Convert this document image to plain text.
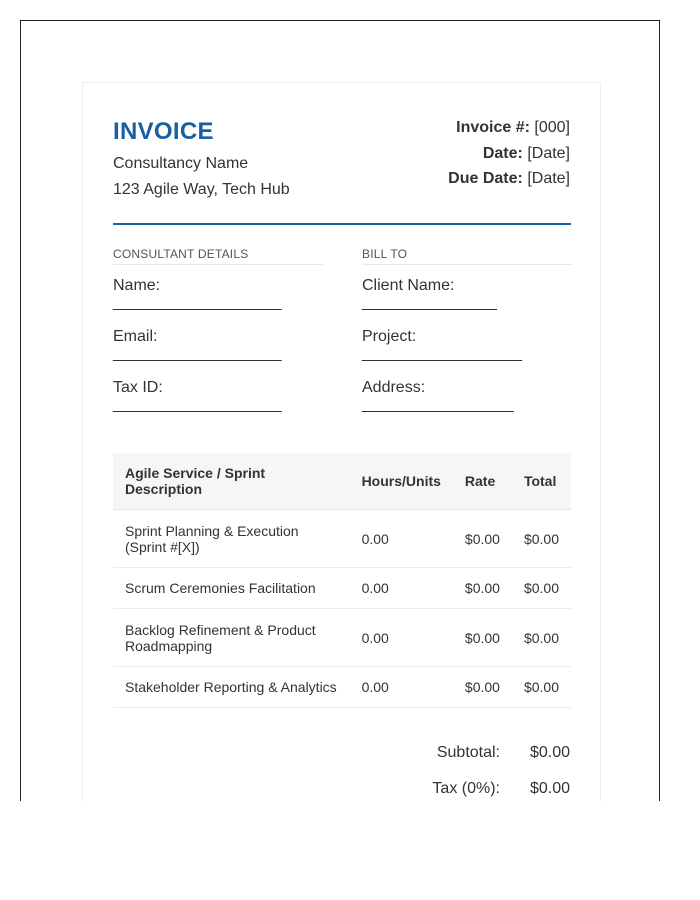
INVOICE
Consultancy Name
123 Agile Way, Tech Hub
Invoice #: [000]
Date: [Date]
Due Date: [Date]
CONSULTANT DETAILS
Name:
____________________
Email:
____________________
Tax ID:
____________________
BILL TO
Client Name:
________________
Project:
___________________
Address:
__________________
Agile Service / Sprint Description	Hours/Units	Rate	Total
Sprint Planning & Execution (Sprint #[X])	0.00	$0.00	$0.00
Scrum Ceremonies Facilitation	0.00	$0.00	$0.00
Backlog Refinement & Product Roadmapping	0.00	$0.00	$0.00
Stakeholder Reporting & Analytics	0.00	$0.00	$0.00
Subtotal: $0.00
Tax (0%): $0.00
